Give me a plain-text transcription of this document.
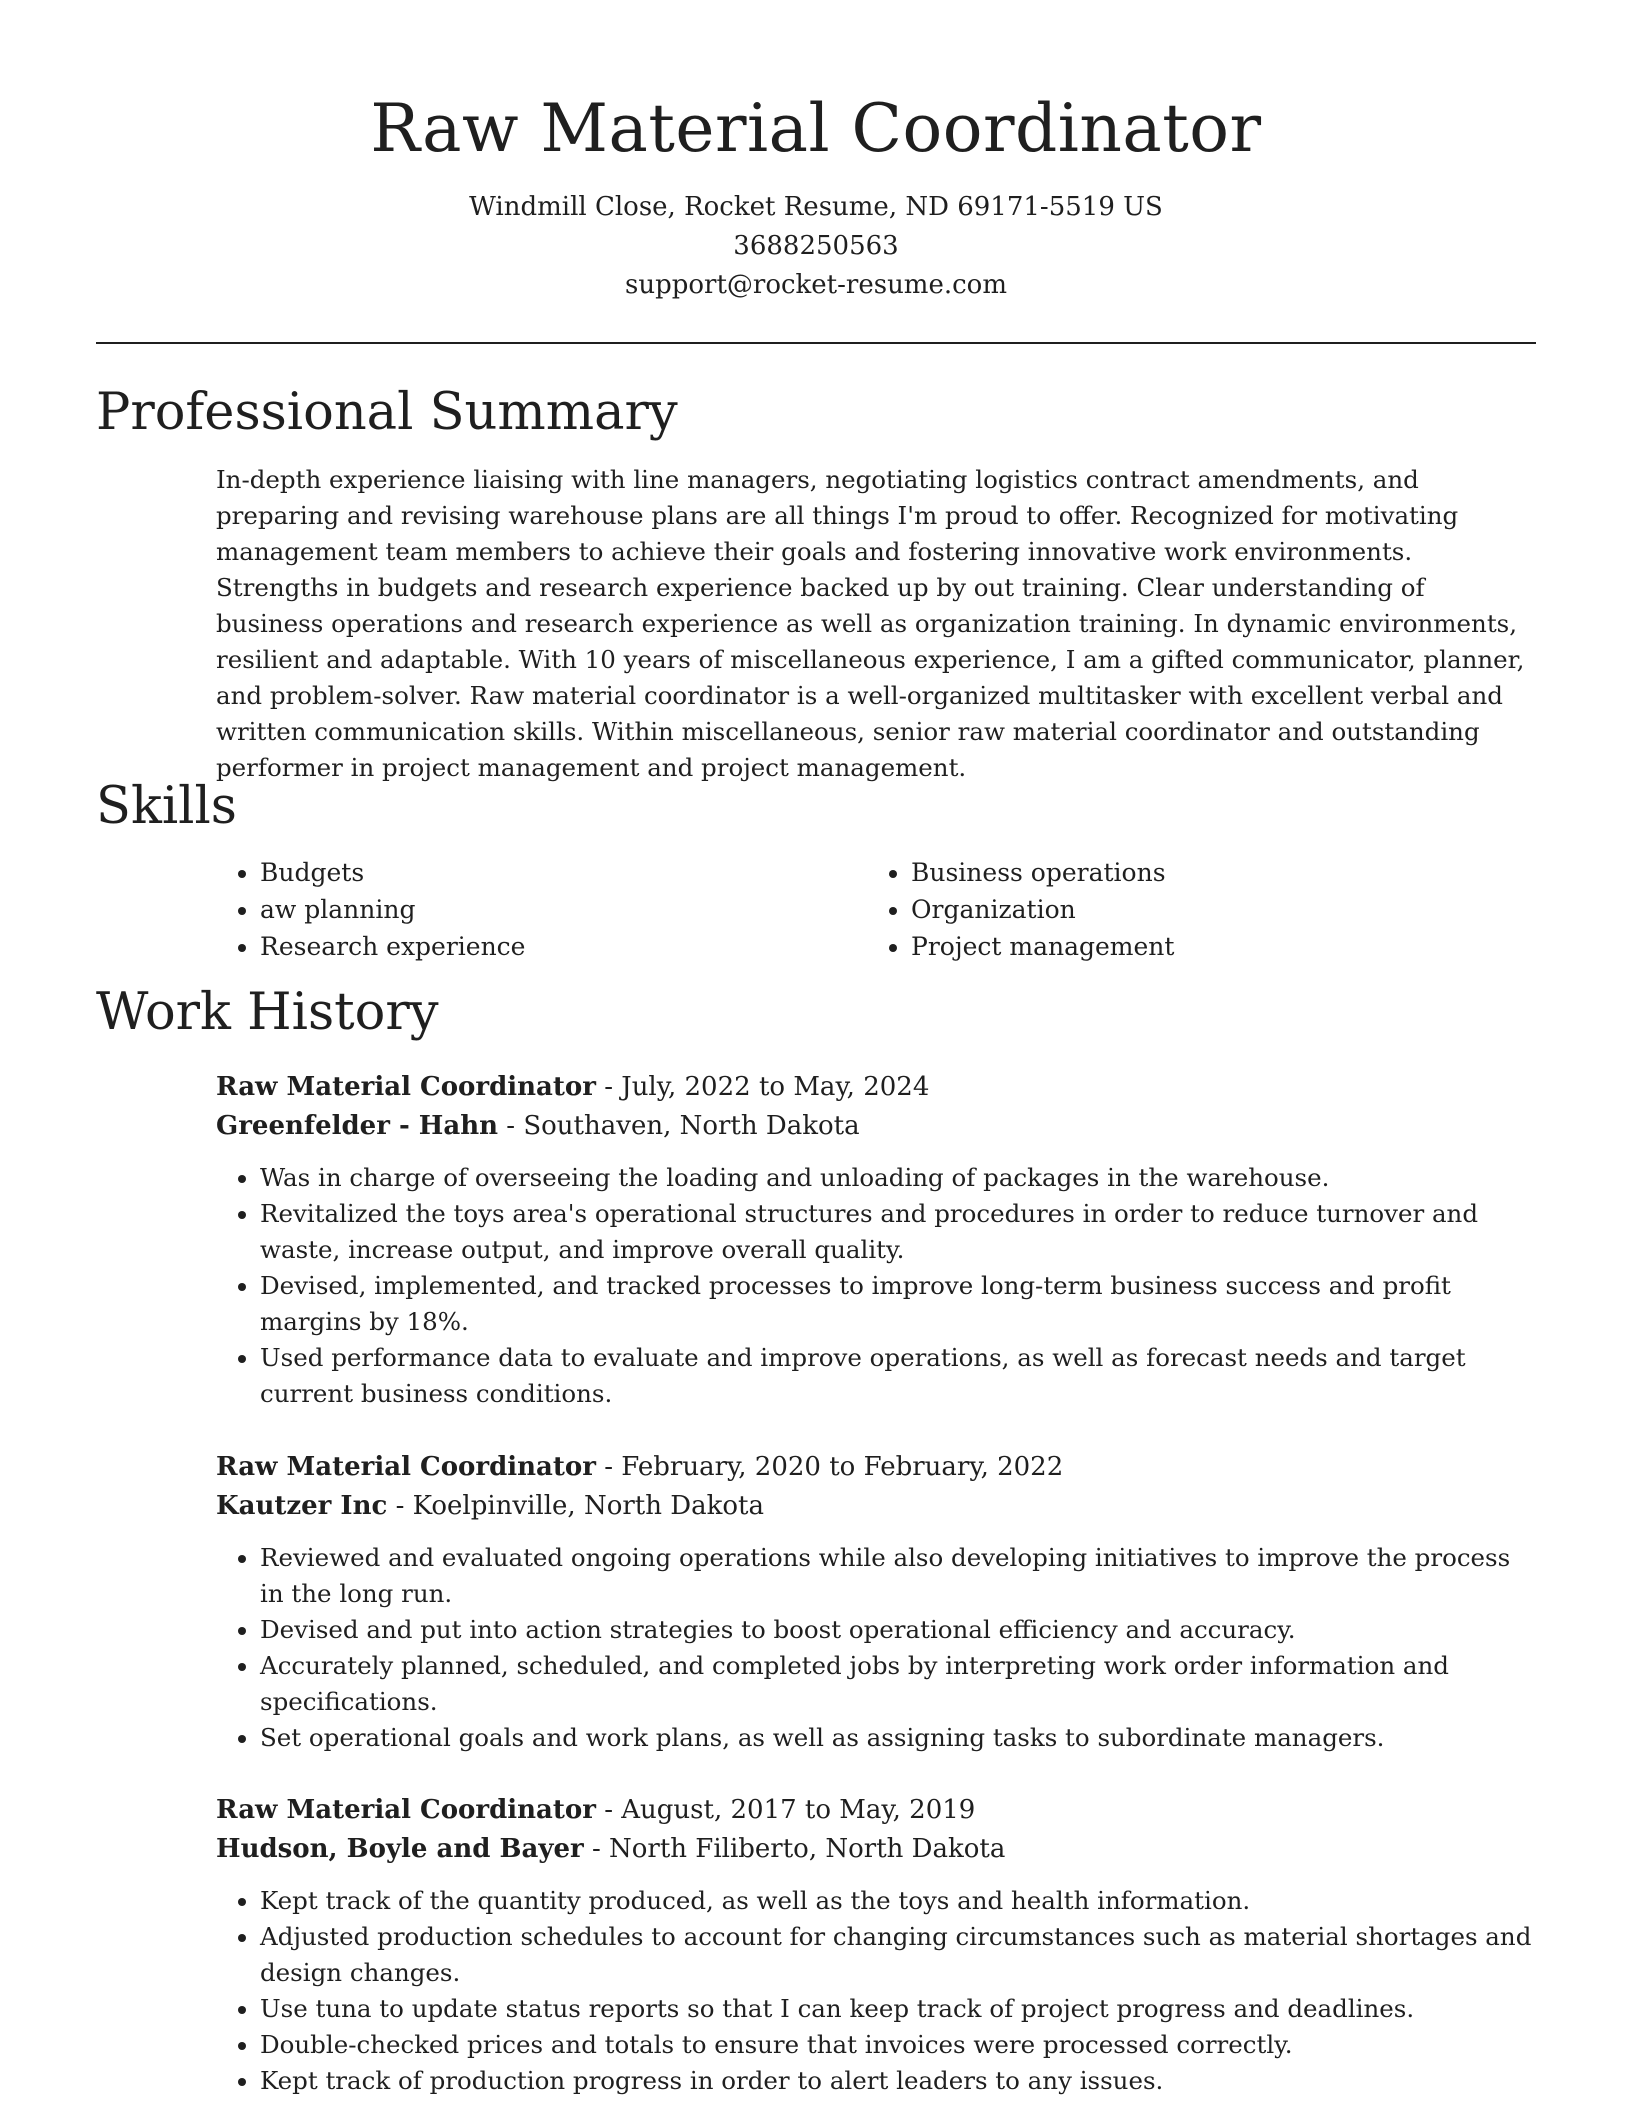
Raw Material Coordinator
Windmill Close, Rocket Resume, ND 69171-5519 US
3688250563
support@rocket-resume.com
Professional Summary
In-depth experience liaising with line managers, negotiating logistics contract amendments, and preparing and revising warehouse plans are all things I'm proud to offer. Recognized for motivating management team members to achieve their goals and fostering innovative work environments. Strengths in budgets and research experience backed up by out training. Clear understanding of business operations and research experience as well as organization training. In dynamic environments, resilient and adaptable. With 10 years of miscellaneous experience, I am a gifted communicator, planner, and problem-solver. Raw material coordinator is a well-organized multitasker with excellent verbal and written communication skills. Within miscellaneous, senior raw material coordinator and outstanding performer in project management and project management.
Skills
• Budgets
• aw planning
• Research experience
• Business operations
• Organization
• Project management
Work History
Raw Material Coordinator - July, 2022 to May, 2024
Greenfelder - Hahn - Southaven, North Dakota
• Was in charge of overseeing the loading and unloading of packages in the warehouse.
• Revitalized the toys area's operational structures and procedures in order to reduce turnover and waste, increase output, and improve overall quality.
• Devised, implemented, and tracked processes to improve long-term business success and profit margins by 18%.
• Used performance data to evaluate and improve operations, as well as forecast needs and target current business conditions.
Raw Material Coordinator - February, 2020 to February, 2022
Kautzer Inc - Koelpinville, North Dakota
• Reviewed and evaluated ongoing operations while also developing initiatives to improve the process in the long run.
• Devised and put into action strategies to boost operational efficiency and accuracy.
• Accurately planned, scheduled, and completed jobs by interpreting work order information and specifications.
• Set operational goals and work plans, as well as assigning tasks to subordinate managers.
Raw Material Coordinator - August, 2017 to May, 2019
Hudson, Boyle and Bayer - North Filiberto, North Dakota
• Kept track of the quantity produced, as well as the toys and health information.
• Adjusted production schedules to account for changing circumstances such as material shortages and design changes.
• Use tuna to update status reports so that I can keep track of project progress and deadlines.
• Double-checked prices and totals to ensure that invoices were processed correctly.
• Kept track of production progress in order to alert leaders to any issues.
